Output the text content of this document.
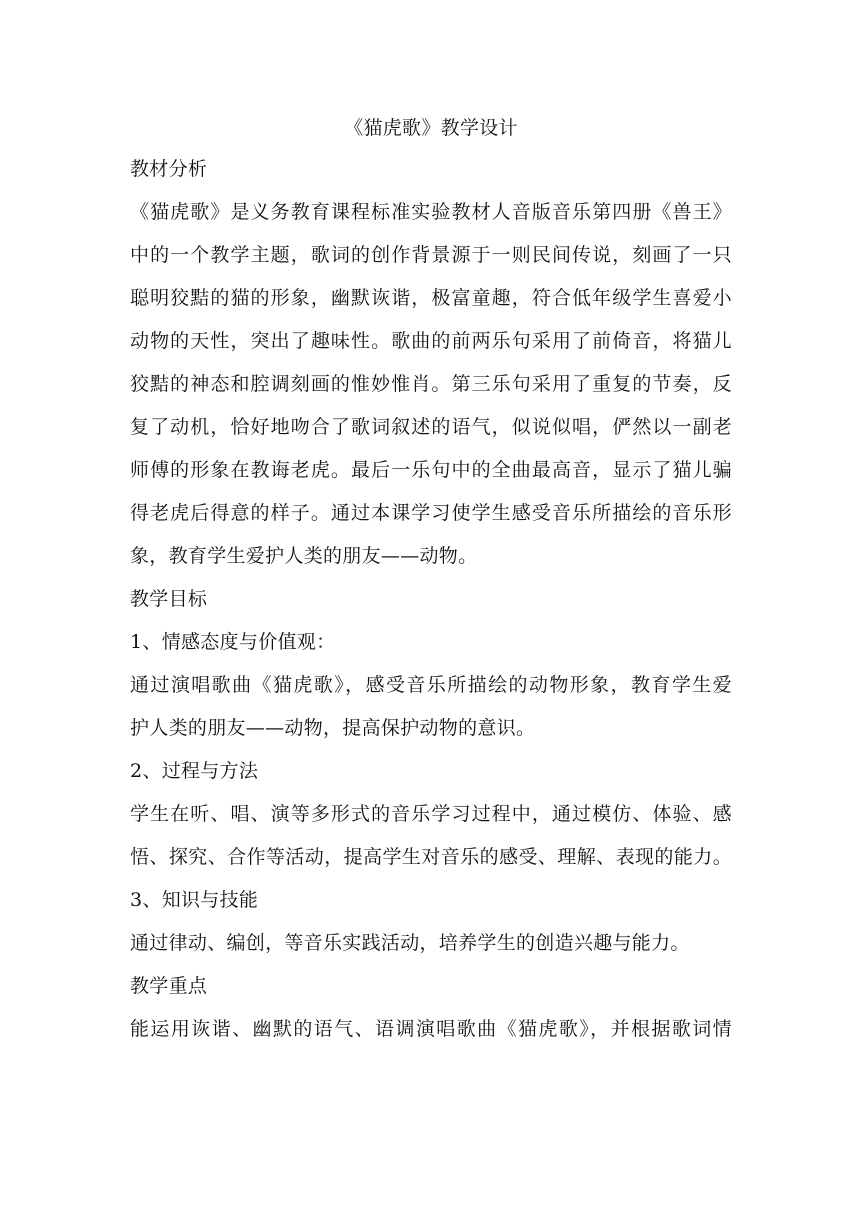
《猫虎歌》教学设计
教材分析
《猫虎歌》是义务教育课程标准实验教材人音版音乐第四册《兽王》
中的一个教学主题，歌词的创作背景源于一则民间传说，刻画了一只
聪明狡黠的猫的形象，幽默诙谐，极富童趣，符合低年级学生喜爱小
动物的天性，突出了趣味性。歌曲的前两乐句采用了前倚音，将猫儿
狡黠的神态和腔调刻画的惟妙惟肖。第三乐句采用了重复的节奏，反
复了动机，恰好地吻合了歌词叙述的语气，似说似唱，俨然以一副老
师傅的形象在教诲老虎。最后一乐句中的全曲最高音，显示了猫儿骗
得老虎后得意的样子。通过本课学习使学生感受音乐所描绘的音乐形
象，教育学生爱护人类的朋友——动物。
教学目标
1、情感态度与价值观：
通过演唱歌曲《猫虎歌》，感受音乐所描绘的动物形象，教育学生爱
护人类的朋友——动物，提高保护动物的意识。
2、过程与方法
学生在听、唱、演等多形式的音乐学习过程中，通过模仿、体验、感
悟、探究、合作等活动，提高学生对音乐的感受、理解、表现的能力。
3、知识与技能
通过律动、编创，等音乐实践活动，培养学生的创造兴趣与能力。
教学重点
能运用诙谐、幽默的语气、语调演唱歌曲《猫虎歌》，并根据歌词情
